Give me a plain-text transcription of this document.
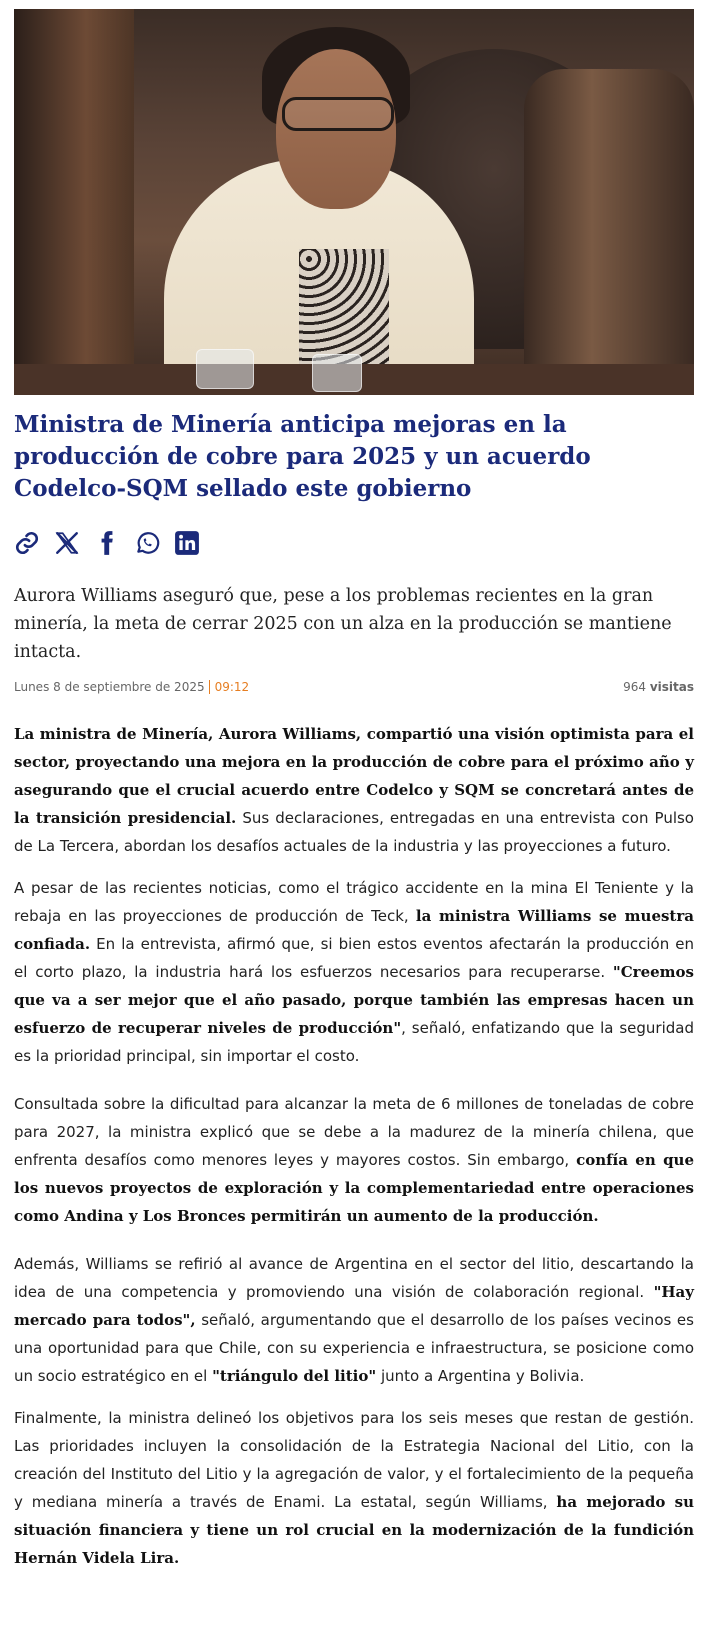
Ministra de Minería anticipa mejoras en la producción de cobre para 2025 y un acuerdo Codelco-SQM sellado este gobierno

Aurora Williams aseguró que, pese a los problemas recientes en la gran minería, la meta de cerrar 2025 con un alza en la producción se mantiene intacta.

Lunes 8 de septiembre de 2025 09:12	964 visitas

La ministra de Minería, Aurora Williams, compartió una visión optimista para el sector, proyectando una mejora en la producción de cobre para el próximo año y asegurando que el crucial acuerdo entre Codelco y SQM se concretará antes de la transición presidencial. Sus declaraciones, entregadas en una entrevista con Pulso de La Tercera, abordan los desafíos actuales de la industria y las proyecciones a futuro.

A pesar de las recientes noticias, como el trágico accidente en la mina El Teniente y la rebaja en las proyecciones de producción de Teck, la ministra Williams se muestra confiada. En la entrevista, afirmó que, si bien estos eventos afectarán la producción en el corto plazo, la industria hará los esfuerzos necesarios para recuperarse. "Creemos que va a ser mejor que el año pasado, porque también las empresas hacen un esfuerzo de recuperar niveles de producción", señaló, enfatizando que la seguridad es la prioridad principal, sin importar el costo.

Consultada sobre la dificultad para alcanzar la meta de 6 millones de toneladas de cobre para 2027, la ministra explicó que se debe a la madurez de la minería chilena, que enfrenta desafíos como menores leyes y mayores costos. Sin embargo, confía en que los nuevos proyectos de exploración y la complementariedad entre operaciones como Andina y Los Bronces permitirán un aumento de la producción.

Además, Williams se refirió al avance de Argentina en el sector del litio, descartando la idea de una competencia y promoviendo una visión de colaboración regional. "Hay mercado para todos", señaló, argumentando que el desarrollo de los países vecinos es una oportunidad para que Chile, con su experiencia e infraestructura, se posicione como un socio estratégico en el "triángulo del litio" junto a Argentina y Bolivia.

Finalmente, la ministra delineó los objetivos para los seis meses que restan de gestión. Las prioridades incluyen la consolidación de la Estrategia Nacional del Litio, con la creación del Instituto del Litio y la agregación de valor, y el fortalecimiento de la pequeña y mediana minería a través de Enami. La estatal, según Williams, ha mejorado su situación financiera y tiene un rol crucial en la modernización de la fundición Hernán Videla Lira.
